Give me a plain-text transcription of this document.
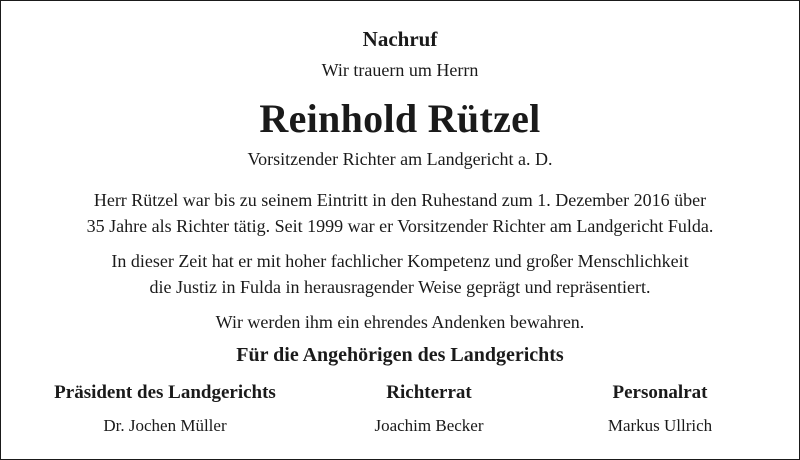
Nachruf
Wir trauern um Herrn
Reinhold Rützel
Vorsitzender Richter am Landgericht a. D.
Herr Rützel war bis zu seinem Eintritt in den Ruhestand zum 1. Dezember 2016 über
35 Jahre als Richter tätig. Seit 1999 war er Vorsitzender Richter am Landgericht Fulda.
In dieser Zeit hat er mit hoher fachlicher Kompetenz und großer Menschlichkeit
die Justiz in Fulda in herausragender Weise geprägt und repräsentiert.
Wir werden ihm ein ehrendes Andenken bewahren.
Für die Angehörigen des Landgerichts
Präsident des Landgerichts
Dr. Jochen Müller
Richterrat
Joachim Becker
Personalrat
Markus Ullrich
